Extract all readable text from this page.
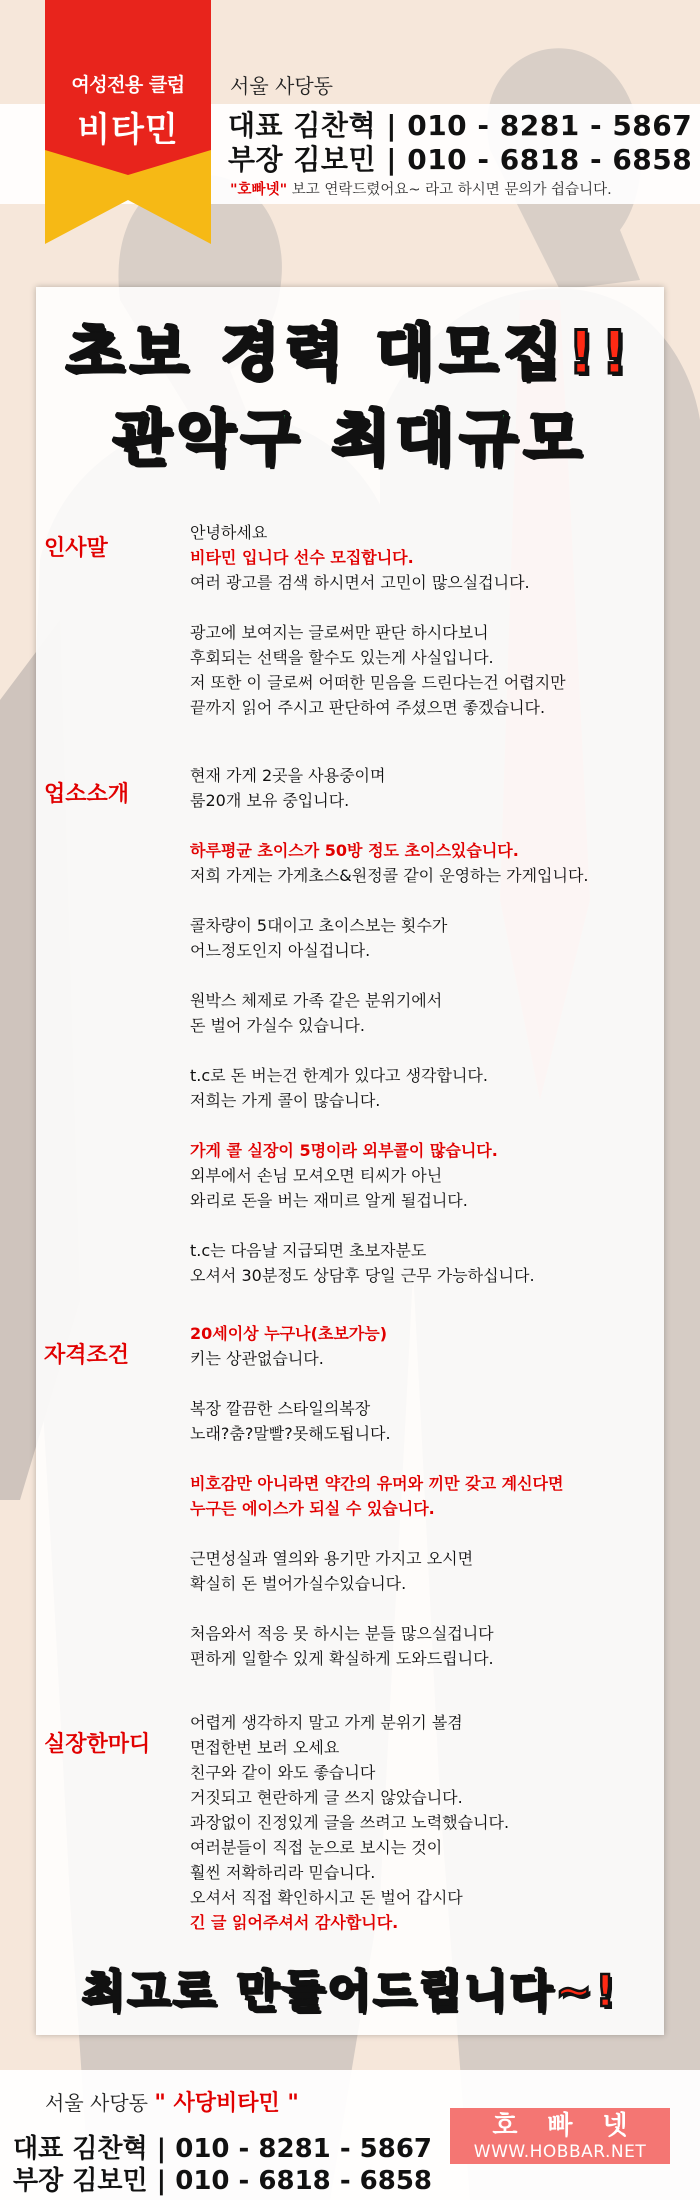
여성전용 클럽
비타민
서울 사당동
대표 김찬혁 | 010 - 8281 - 5867
부장 김보민 | 010 - 6818 - 6858
"호빠넷" 보고 연락드렸어요~ 라고 하시면 문의가 쉽습니다.
초보 경력 대모집!!
관악구 최대규모
인사말

안녕하세요

비타민 입니다 선수 모집합니다.

여러 광고를 검색 하시면서 고민이 많으실겁니다.

광고에 보여지는 글로써만 판단 하시다보니

후회되는 선택을 할수도 있는게 사실입니다.

저 또한 이 글로써 어떠한 믿음을 드린다는건 어렵지만

끝까지 읽어 주시고 판단하여 주셨으면 좋겠습니다.

업소소개

현재 가게 2곳을 사용중이며

룸20개 보유 중입니다.

하루평균 초이스가 50방 정도 초이스있습니다.

저희 가게는 가게초스&원정콜 같이 운영하는 가게입니다.

콜차량이 5대이고 초이스보는 횟수가

어느정도인지 아실겁니다.

원박스 체제로 가족 같은 분위기에서

돈 벌어 가실수 있습니다.

t.c로 돈 버는건 한계가 있다고 생각합니다.

저희는 가게 콜이 많습니다.

가게 콜 실장이 5명이라 외부콜이 많습니다.

외부에서 손님 모셔오면 티씨가 아닌

와리로 돈을 버는 재미르 알게 될겁니다.

t.c는 다음날 지급되면 초보자분도

오셔서 30분정도 상담후 당일 근무 가능하십니다.

자격조건

20세이상 누구나(초보가능)

키는 상관없습니다.

복장 깔끔한 스타일의복장

노래?춤?말빨?못해도됩니다.

비호감만 아니라면 약간의 유머와 끼만 갖고 계신다면

누구든 에이스가 되실 수 있습니다.

근면성실과 열의와 용기만 가지고 오시면

확실히 돈 벌어가실수있습니다.

처음와서 적응 못 하시는 분들 많으실겁니다

편하게 일할수 있게 확실하게 도와드립니다.

실장한마디

어렵게 생각하지 말고 가게 분위기 볼겸

면접한번 보러 오세요

친구와 같이 와도 좋습니다

거짓되고 현란하게 글 쓰지 않았습니다.

과장없이 진정있게 글을 쓰려고 노력했습니다.

여러분들이 직접 눈으로 보시는 것이

훨씬 저확하리라 믿습니다.

오셔서 직접 확인하시고 돈 벌어 갑시다

긴 글 읽어주셔서 감사합니다.

최고로 만들어드립니다~!
서울 사당동 " 사당비타민 "
대표 김찬혁 | 010 - 8281 - 5867
부장 김보민 | 010 - 6818 - 6858
호빠넷
WWW.HOBBAR.NET
